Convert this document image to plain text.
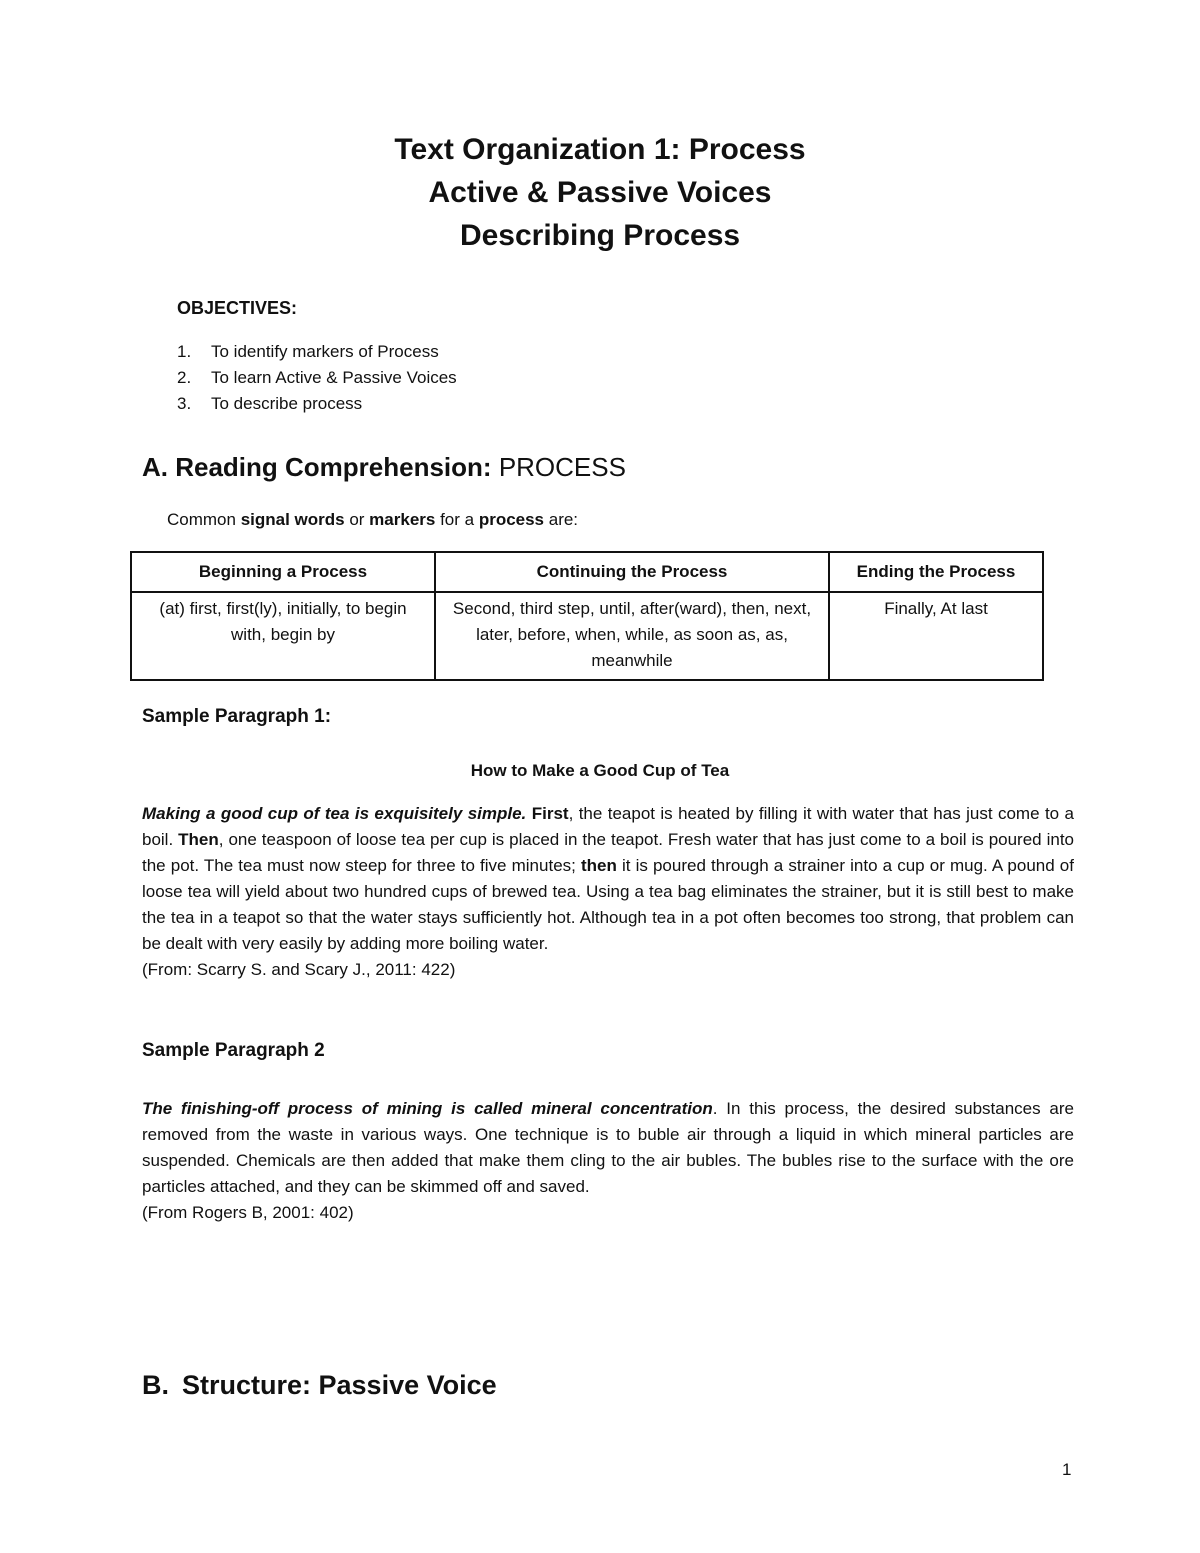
Text Organization 1: Process
Active & Passive Voices
Describing Process
OBJECTIVES:
1.	To identify markers of Process
2.	To learn Active & Passive Voices
3.	To describe process
A. Reading Comprehension: PROCESS
Common signal words or markers for a process are:
Beginning a Process	Continuing the Process	Ending the Process
(at) first, first(ly), initially, to begin with, begin by	Second, third step, until, after(ward), then, next, later, before, when, while, as soon as, as, meanwhile	Finally, At last
Sample Paragraph 1:
How to Make a Good Cup of Tea
Making a good cup of tea is exquisitely simple. First, the teapot is heated by filling it with water that has just come to a boil. Then, one teaspoon of loose tea per cup is placed in the teapot. Fresh water that has just come to a boil is poured into the pot. The tea must now steep for three to five minutes; then it is poured through a strainer into a cup or mug. A pound of loose tea will yield about two hundred cups of brewed tea. Using a tea bag eliminates the strainer, but it is still best to make the tea in a teapot so that the water stays sufficiently hot. Although tea in a pot often becomes too strong, that problem can be dealt with very easily by adding more boiling water.
(From: Scarry S. and Scary J., 2011: 422)
Sample Paragraph 2
The finishing-off process of mining is called mineral concentration. In this process, the desired substances are removed from the waste in various ways. One technique is to buble air through a liquid in which mineral particles are suspended. Chemicals are then added that make them cling to the air bubles. The bubles rise to the surface with the ore particles attached, and they can be skimmed off and saved.
(From Rogers B, 2001: 402)
B. Structure: Passive Voice
1
